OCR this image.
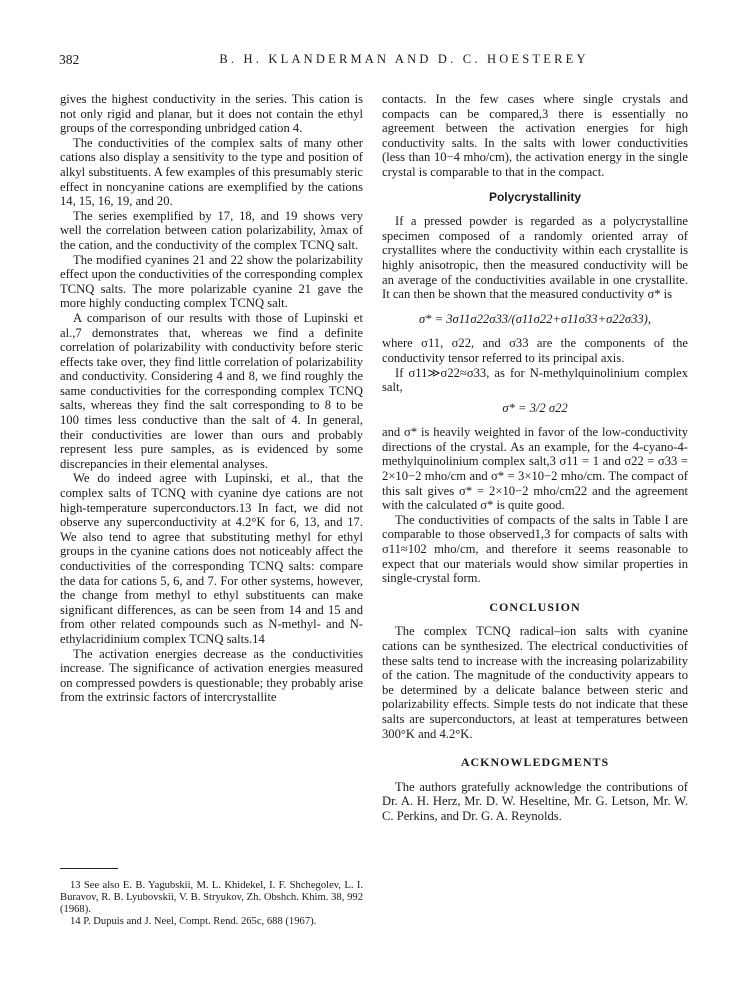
382	B. H. KLANDERMAN AND D. C. HOESTEREY

gives the highest conductivity in the series. This cation is not only rigid and planar, but it does not contain the ethyl groups of the corresponding unbridged cation 4.

The conductivities of the complex salts of many other cations also display a sensitivity to the type and position of alkyl substituents. A few examples of this presumably steric effect in noncyanine cations are exemplified by the cations 14, 15, 16, 19, and 20.

The series exemplified by 17, 18, and 19 shows very well the correlation between cation polarizability, λmax of the cation, and the conductivity of the complex TCNQ salt.

The modified cyanines 21 and 22 show the polarizability effect upon the conductivities of the corresponding complex TCNQ salts. The more polarizable cyanine 21 gave the more highly conducting complex TCNQ salt.

A comparison of our results with those of Lupinski et al.,7 demonstrates that, whereas we find a definite correlation of polarizability with conductivity before steric effects take over, they find little correlation of polarizability and conductivity. Considering 4 and 8, we find roughly the same conductivities for the corresponding complex TCNQ salts, whereas they find the salt corresponding to 8 to be 100 times less conductive than the salt of 4. In general, their conductivities are lower than ours and probably represent less pure samples, as is evidenced by some discrepancies in their elemental analyses.

We do indeed agree with Lupinski, et al., that the complex salts of TCNQ with cyanine dye cations are not high-temperature superconductors.13 In fact, we did not observe any superconductivity at 4.2°K for 6, 13, and 17. We also tend to agree that substituting methyl for ethyl groups in the cyanine cations does not noticeably affect the conductivities of the corresponding TCNQ salts: compare the data for cations 5, 6, and 7. For other systems, however, the change from methyl to ethyl substituents can make significant differences, as can be seen from 14 and 15 and from other related compounds such as N-methyl- and N-ethylacridinium complex TCNQ salts.14

The activation energies decrease as the conductivities increase. The significance of activation energies measured on compressed powders is questionable; they probably arise from the extrinsic factors of intercrystallite

13 See also E. B. Yagubskii, M. L. Khidekel, I. F. Shchegolev, L. I. Buravov, R. B. Lyubovskii, V. B. Stryukov, Zh. Obshch. Khim. 38, 992 (1968).

14 P. Dupuis and J. Neel, Compt. Rend. 265c, 688 (1967).

contacts. In the few cases where single crystals and compacts can be compared,3 there is essentially no agreement between the activation energies for high conductivity salts. In the salts with lower conductivities (less than 10−4 mho/cm), the activation energy in the single crystal is comparable to that in the compact.

Polycrystallinity

If a pressed powder is regarded as a polycrystalline specimen composed of a randomly oriented array of crystallites where the conductivity within each crystallite is highly anisotropic, then the measured conductivity will be an average of the conductivities available in one crystallite. It can then be shown that the measured conductivity σ* is

σ* = 3σ11σ22σ33/(σ11σ22+σ11σ33+σ22σ33),

where σ11, σ22, and σ33 are the components of the conductivity tensor referred to its principal axis.

If σ11≫σ22≈σ33, as for N-methylquinolinium complex salt,

σ* = 3/2 σ22

and σ* is heavily weighted in favor of the low-conductivity directions of the crystal. As an example, for the 4-cyano-4-methylquinolinium complex salt,3 σ11 = 1 and σ22 = σ33 = 2×10−2 mho/cm and σ* = 3×10−2 mho/cm. The compact of this salt gives σ* = 2×10−2 mho/cm22 and the agreement with the calculated σ* is quite good.

The conductivities of compacts of the salts in Table I are comparable to those observed1,3 for compacts of salts with σ11≈102 mho/cm, and therefore it seems reasonable to expect that our materials would show similar properties in single-crystal form.

CONCLUSION

The complex TCNQ radical–ion salts with cyanine cations can be synthesized. The electrical conductivities of these salts tend to increase with the increasing polarizability of the cation. The magnitude of the conductivity appears to be determined by a delicate balance between steric and polarizability effects. Simple tests do not indicate that these salts are superconductors, at least at temperatures between 300°K and 4.2°K.

ACKNOWLEDGMENTS

The authors gratefully acknowledge the contributions of Dr. A. H. Herz, Mr. D. W. Heseltine, Mr. G. Letson, Mr. W. C. Perkins, and Dr. G. A. Reynolds.
